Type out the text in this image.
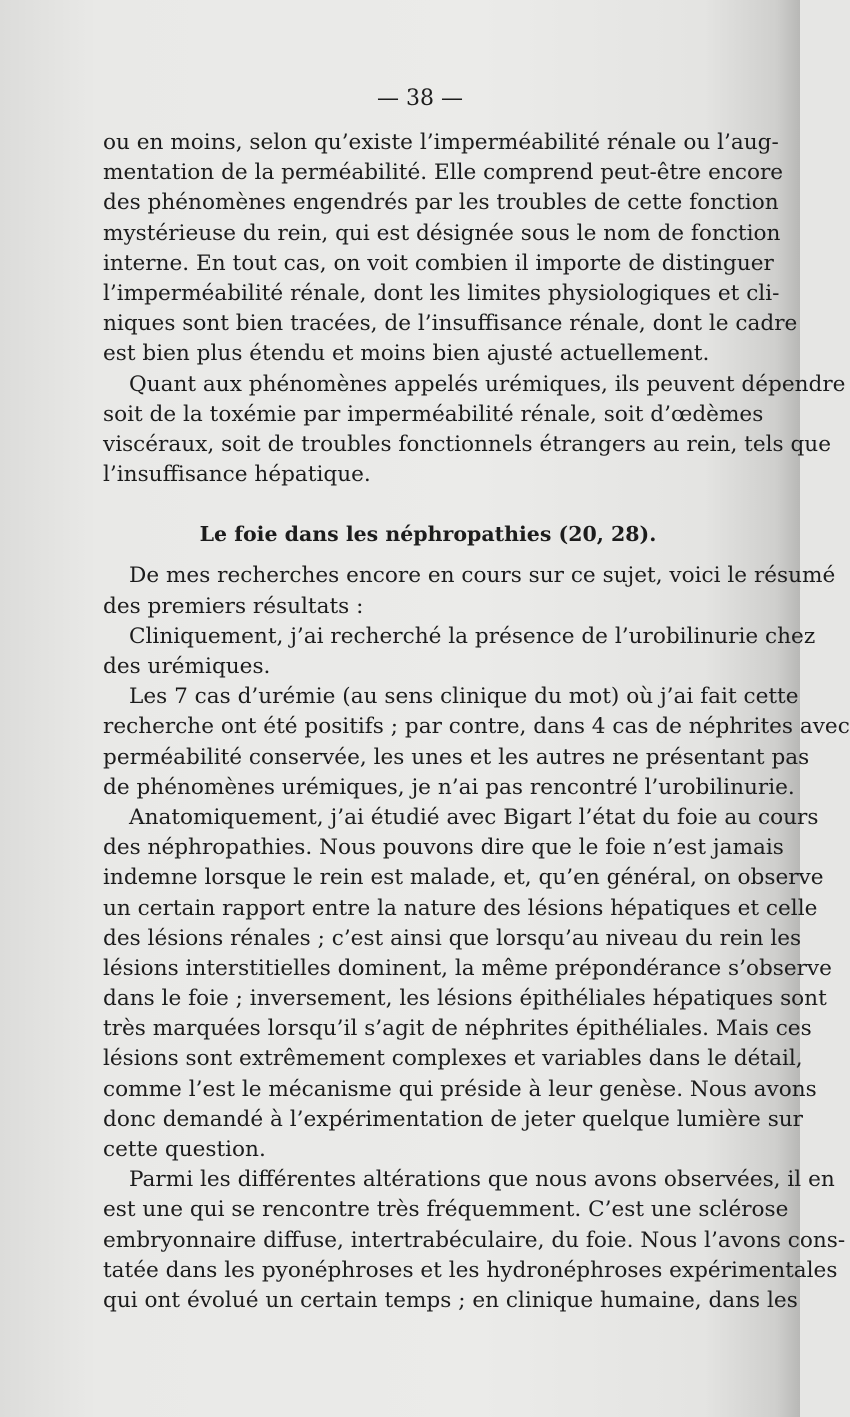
— 38 —
ou en moins, selon qu’existe l’imperméabilité rénale ou l’aug-
mentation de la perméabilité. Elle comprend peut-être encore
des phénomènes engendrés par les troubles de cette fonction
mystérieuse du rein, qui est désignée sous le nom de fonction
interne. En tout cas, on voit combien il importe de distinguer
l’imperméabilité rénale, dont les limites physiologiques et cli-
niques sont bien tracées, de l’insuffisance rénale, dont le cadre
est bien plus étendu et moins bien ajusté actuellement.
Quant aux phénomènes appelés urémiques, ils peuvent dépendre
soit de la toxémie par imperméabilité rénale, soit d’œdèmes
viscéraux, soit de troubles fonctionnels étrangers au rein, tels que
l’insuffisance hépatique.
Le foie dans les néphropathies (20, 28).
De mes recherches encore en cours sur ce sujet, voici le résumé
des premiers résultats :
Cliniquement, j’ai recherché la présence de l’urobilinurie chez
des urémiques.
Les 7 cas d’urémie (au sens clinique du mot) où j’ai fait cette
recherche ont été positifs ; par contre, dans 4 cas de néphrites avec
perméabilité conservée, les unes et les autres ne présentant pas
de phénomènes urémiques, je n’ai pas rencontré l’urobilinurie.
Anatomiquement, j’ai étudié avec Bigart l’état du foie au cours
des néphropathies. Nous pouvons dire que le foie n’est jamais
indemne lorsque le rein est malade, et, qu’en général, on observe
un certain rapport entre la nature des lésions hépatiques et celle
des lésions rénales ; c’est ainsi que lorsqu’au niveau du rein les
lésions interstitielles dominent, la même prépondérance s’observe
dans le foie ; inversement, les lésions épithéliales hépatiques sont
très marquées lorsqu’il s’agit de néphrites épithéliales. Mais ces
lésions sont extrêmement complexes et variables dans le détail,
comme l’est le mécanisme qui préside à leur genèse. Nous avons
donc demandé à l’expérimentation de jeter quelque lumière sur
cette question.
Parmi les différentes altérations que nous avons observées, il en
est une qui se rencontre très fréquemment. C’est une sclérose
embryonnaire diffuse, intertrabéculaire, du foie. Nous l’avons cons-
tatée dans les pyonéphroses et les hydronéphroses expérimentales
qui ont évolué un certain temps ; en clinique humaine, dans les
